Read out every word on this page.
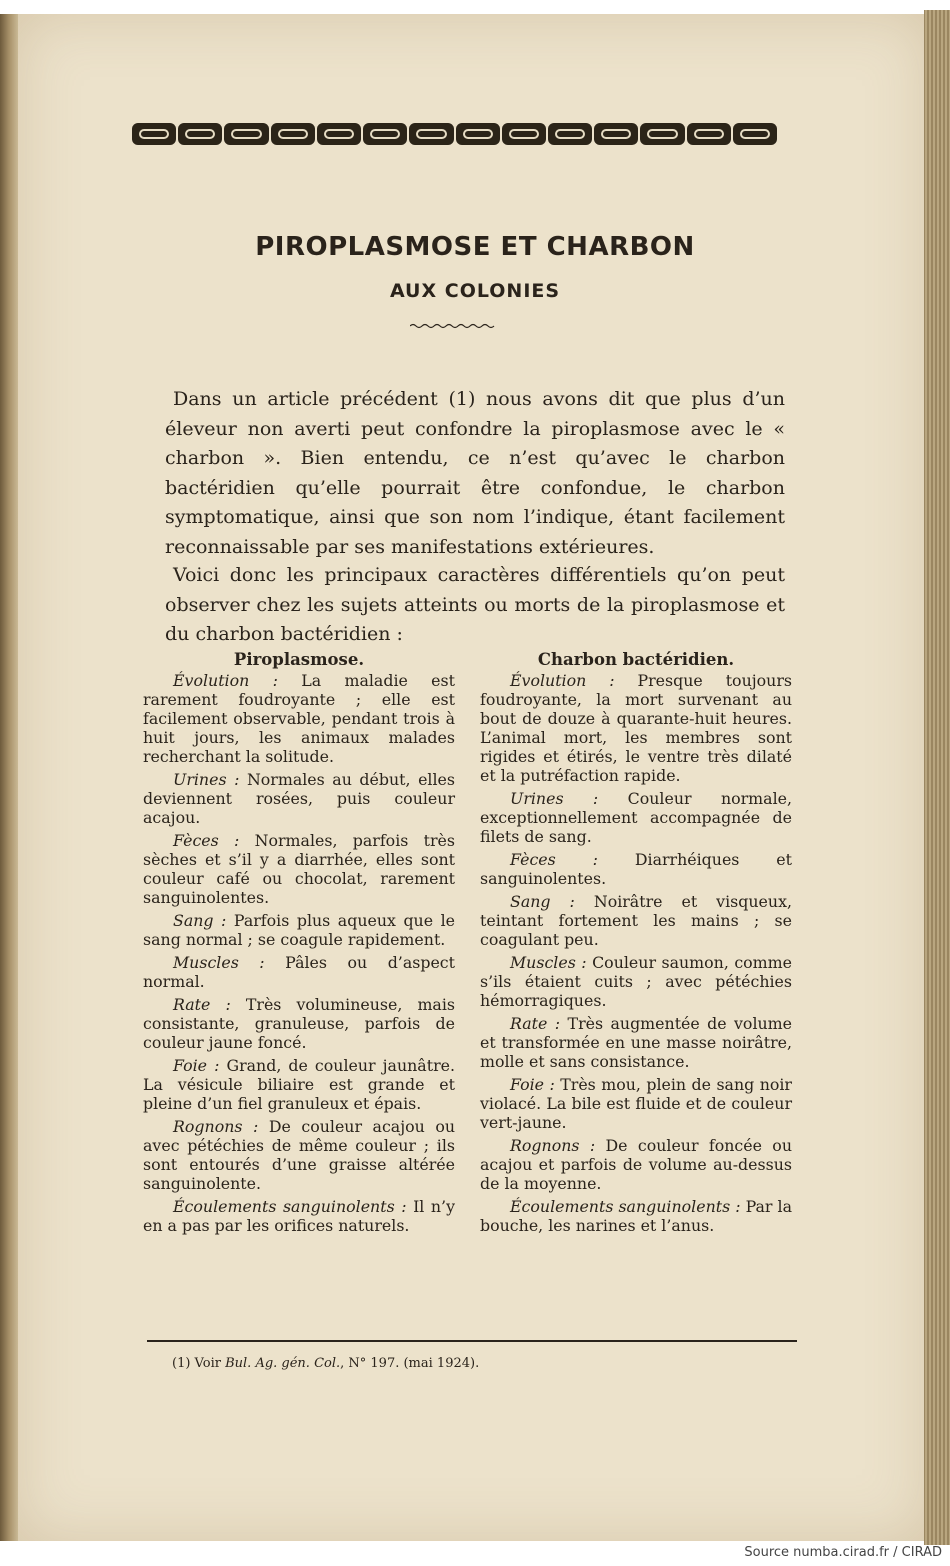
PIROPLASMOSE ET CHARBON
AUX COLONIES

Dans un article précédent (1) nous avons dit que plus d’un éleveur non averti peut confondre la piroplasmose avec le « charbon ». Bien entendu, ce n’est qu’avec le charbon bactéridien qu’elle pourrait être confondue, le charbon symptomatique, ainsi que son nom l’indique, étant facilement reconnaissable par ses manifestations extérieures.

Voici donc les principaux caractères différentiels qu’on peut observer chez les sujets atteints ou morts de la piroplasmose et du charbon bactéridien :

Piroplasmose.

Évolution : La maladie est rarement foudroyante ; elle est facilement observable, pendant trois à huit jours, les animaux malades recherchant la solitude.

Urines : Normales au début, elles deviennent rosées, puis couleur acajou.

Fèces : Normales, parfois très sèches et s’il y a diarrhée, elles sont couleur café ou chocolat, rarement sanguinolentes.

Sang : Parfois plus aqueux que le sang normal ; se coagule rapidement.

Muscles : Pâles ou d’aspect normal.

Rate : Très volumineuse, mais consistante, granuleuse, parfois de couleur jaune foncé.

Foie : Grand, de couleur jaunâtre. La vésicule biliaire est grande et pleine d’un fiel granuleux et épais.

Rognons : De couleur acajou ou avec pétéchies de même couleur ; ils sont entourés d’une graisse altérée sanguinolente.

Écoulements sanguinolents : Il n’y en a pas par les orifices naturels.

Charbon bactéridien.

Évolution : Presque toujours foudroyante, la mort survenant au bout de douze à quarante-huit heures. L’animal mort, les membres sont rigides et étirés, le ventre très dilaté et la putréfaction rapide.

Urines : Couleur normale, exceptionnellement accompagnée de filets de sang.

Fèces : Diarrhéiques et sanguinolentes.

Sang : Noirâtre et visqueux, teintant fortement les mains ; se coagulant peu.

Muscles : Couleur saumon, comme s’ils étaient cuits ; avec pétéchies hémorragiques.

Rate : Très augmentée de volume et transformée en une masse noirâtre, molle et sans consistance.

Foie : Très mou, plein de sang noir violacé. La bile est fluide et de couleur vert-jaune.

Rognons : De couleur foncée ou acajou et parfois de volume au-dessus de la moyenne.

Écoulements sanguinolents : Par la bouche, les narines et l’anus.

(1) Voir Bul. Ag. gén. Col., N° 197. (mai 1924).
Source numba.cirad.fr / CIRAD
